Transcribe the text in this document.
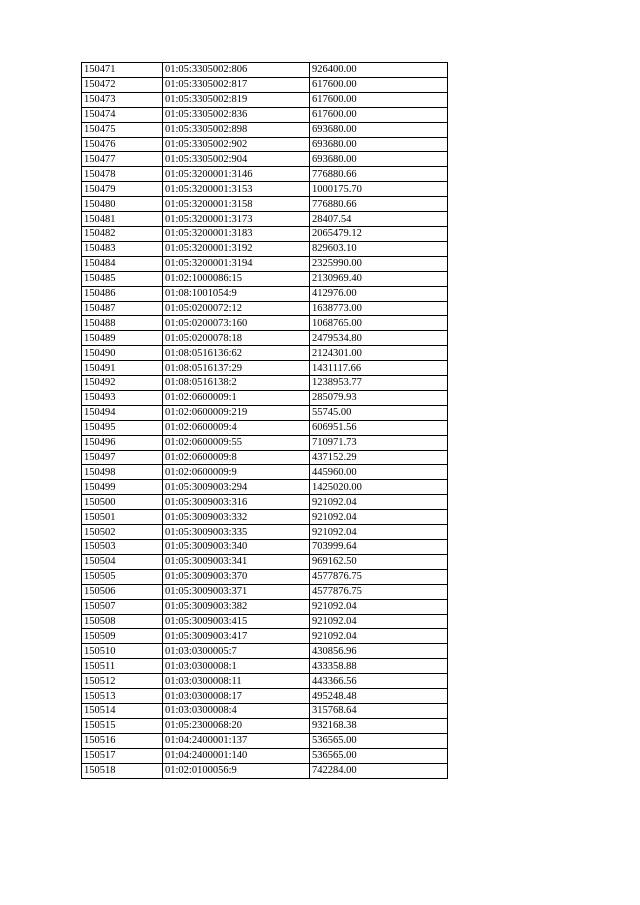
150471	01:05:3305002:806	926400.00
150472	01:05:3305002:817	617600.00
150473	01:05:3305002:819	617600.00
150474	01:05:3305002:836	617600.00
150475	01:05:3305002:898	693680.00
150476	01:05:3305002:902	693680.00
150477	01:05:3305002:904	693680.00
150478	01:05:3200001:3146	776880.66
150479	01:05:3200001:3153	1000175.70
150480	01:05:3200001:3158	776880.66
150481	01:05:3200001:3173	28407.54
150482	01:05:3200001:3183	2065479.12
150483	01:05:3200001:3192	829603.10
150484	01:05:3200001:3194	2325990.00
150485	01:02:1000086:15	2130969.40
150486	01:08:1001054:9	412976.00
150487	01:05:0200072:12	1638773.00
150488	01:05:0200073:160	1068765.00
150489	01:05:0200078:18	2479534.80
150490	01:08:0516136:62	2124301.00
150491	01:08:0516137:29	1431117.66
150492	01:08:0516138:2	1238953.77
150493	01:02:0600009:1	285079.93
150494	01:02:0600009:219	55745.00
150495	01:02:0600009:4	606951.56
150496	01:02:0600009:55	710971.73
150497	01:02:0600009:8	437152.29
150498	01:02:0600009:9	445960.00
150499	01:05:3009003:294	1425020.00
150500	01:05:3009003:316	921092.04
150501	01:05:3009003:332	921092.04
150502	01:05:3009003:335	921092.04
150503	01:05:3009003:340	703999.64
150504	01:05:3009003:341	969162.50
150505	01:05:3009003:370	4577876.75
150506	01:05:3009003:371	4577876.75
150507	01:05:3009003:382	921092.04
150508	01:05:3009003:415	921092.04
150509	01:05:3009003:417	921092.04
150510	01:03:0300005:7	430856.96
150511	01:03:0300008:1	433358.88
150512	01:03:0300008:11	443366.56
150513	01:03:0300008:17	495248.48
150514	01:03:0300008:4	315768.64
150515	01:05:2300068:20	932168.38
150516	01:04:2400001:137	536565.00
150517	01:04:2400001:140	536565.00
150518	01:02:0100056:9	742284.00
